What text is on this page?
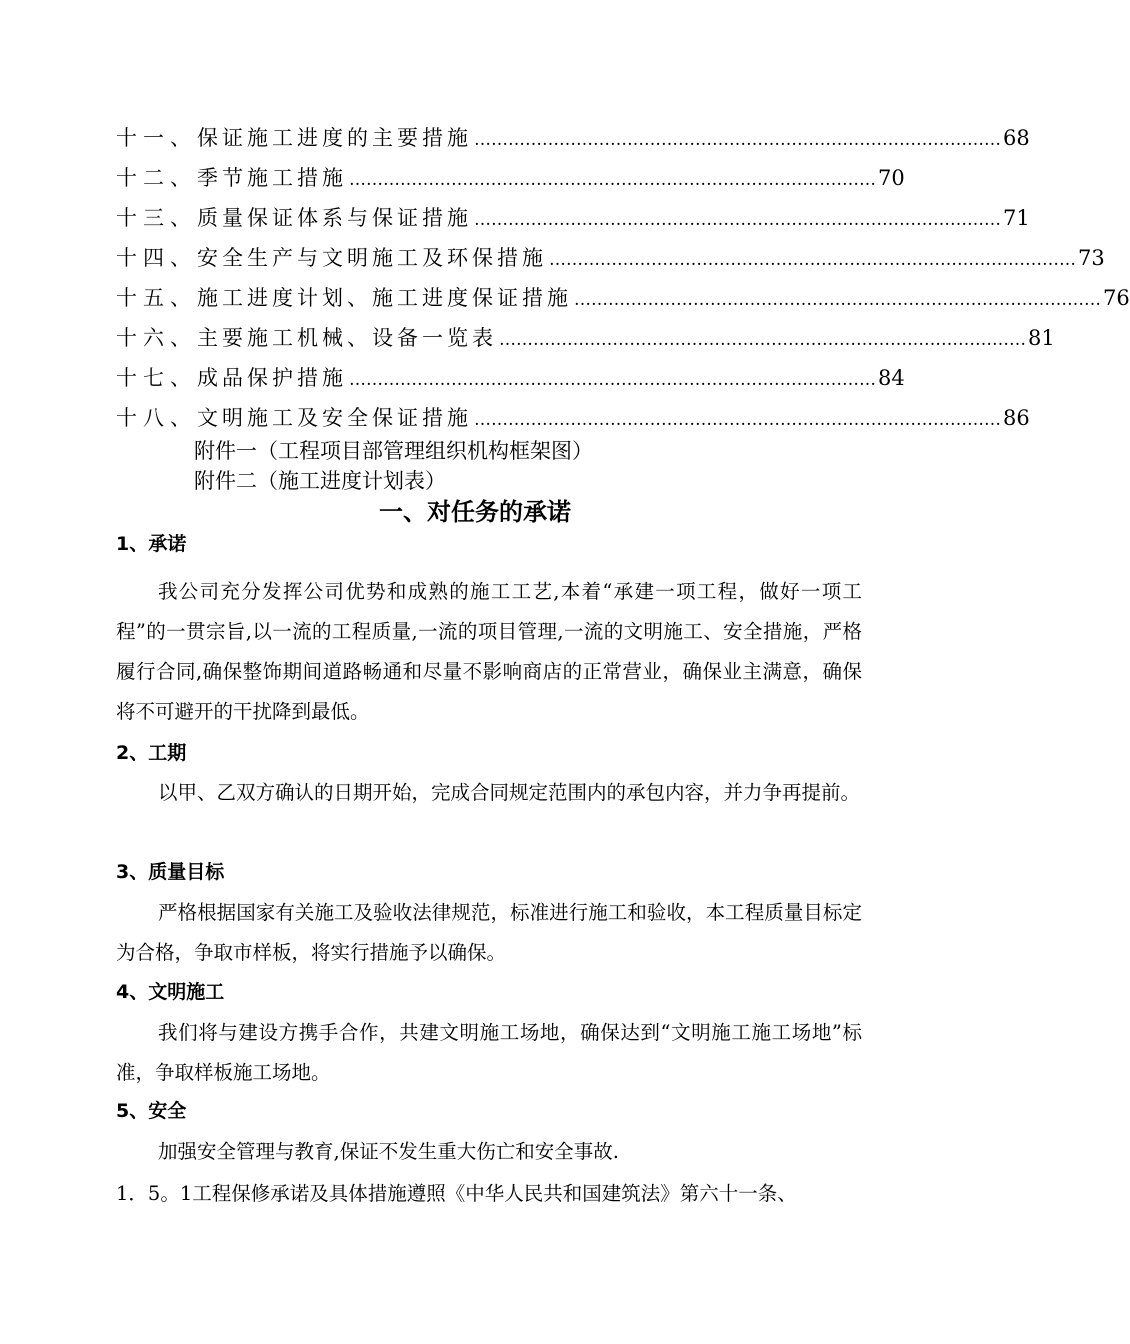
十一、 保证施工进度的主要措施 ………………………………………………………………………………… 68
十二、 季节施工措施 ………………………………………………………………………………… 70
十三、 质量保证体系与保证措施 ………………………………………………………………………………… 71
十四、 安全生产与文明施工及环保措施 ………………………………………………………………………………… 73
十五、 施工进度计划、施工进度保证措施 ………………………………………………………………………………… 76
十六、 主要施工机械、设备一览表 ………………………………………………………………………………… 81
十七、 成品保护措施 ………………………………………………………………………………… 84
十八、 文明施工及安全保证措施 ………………………………………………………………………………… 86
附件一（工程项目部管理组织机构框架图）
附件二（施工进度计划表）
一、对任务的承诺
1、承诺
我公司充分发挥公司优势和成熟的施工工艺,本着“承建一项工程，做好一项工程”的一贯宗旨,以一流的工程质量,一流的项目管理,一流的文明施工、安全措施，严格履行合同,确保整饰期间道路畅通和尽量不影响商店的正常营业，确保业主满意，确保将不可避开的干扰降到最低。
2、工期
以甲、乙双方确认的日期开始，完成合同规定范围内的承包内容，并力争再提前。
3、质量目标
严格根据国家有关施工及验收法律规范，标准进行施工和验收，本工程质量目标定为合格，争取市样板，将实行措施予以确保。
4、文明施工
我们将与建设方携手合作，共建文明施工场地，确保达到“文明施工施工场地”标准，争取样板施工场地。
5、安全
加强安全管理与教育,保证不发生重大伤亡和安全事故.
1．5。1工程保修承诺及具体措施遵照《中华人民共和国建筑法》第六十一条、
